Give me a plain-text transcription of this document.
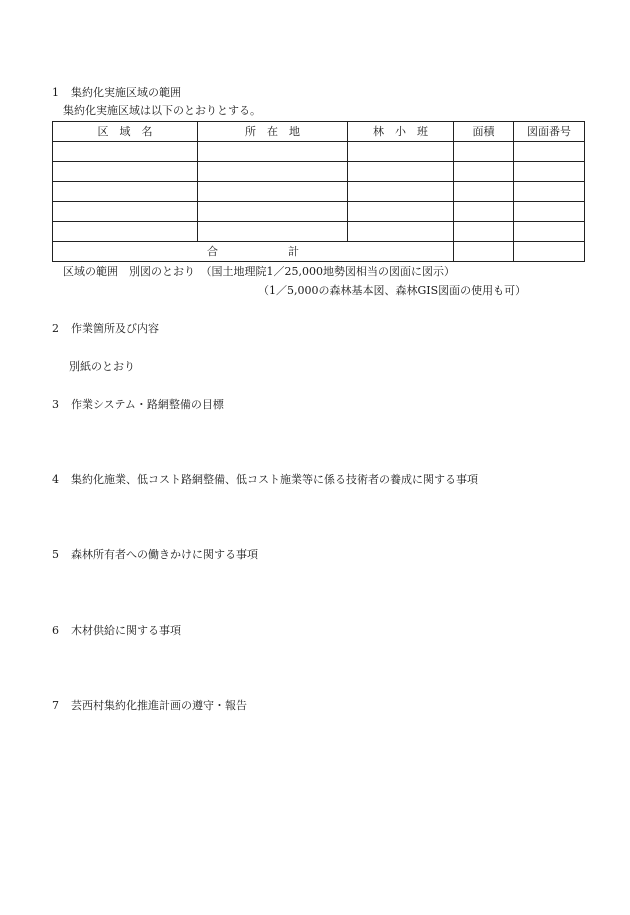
1 集約化実施区域の範囲
集約化実施区域は以下のとおりとする。
区　域　名	所　在　地	林　小　班	面積	図面番号

合 計				
区域の範囲　別図のとおり　（国土地理院1／25,000地勢図相当の図面に図示）
（1／5,000の森林基本図、森林GIS図面の使用も可）
2 作業箇所及び内容
別紙のとおり
3 作業システム・路網整備の目標
4 集約化施業、低コスト路網整備、低コスト施業等に係る技術者の養成に関する事項
5 森林所有者への働きかけに関する事項
6 木材供給に関する事項
7 芸西村集約化推進計画の遵守・報告
